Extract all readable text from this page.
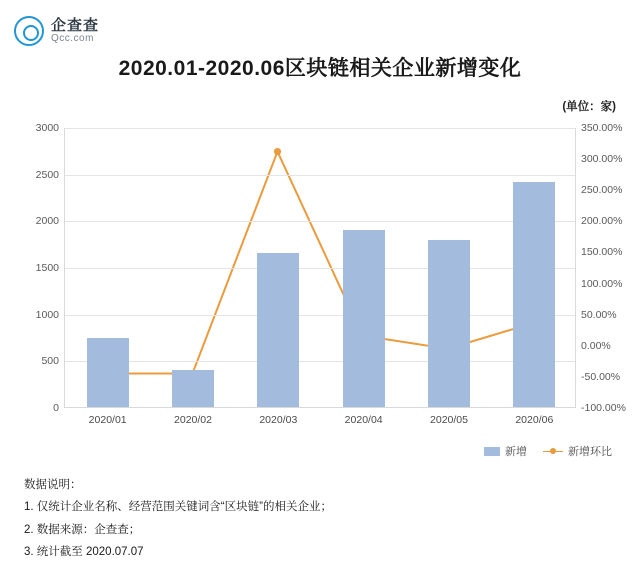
企查查
Qcc.com
2020.01-2020.06区块链相关企业新增变化
(单位：家)
0
500
1000
1500
2000
2500
3000
-100.00%
-50.00%
0.00%
50.00%
100.00%
150.00%
200.00%
250.00%
300.00%
350.00%
2020/01	2020/02	2020/03	2020/04	2020/05	2020/06
新增	新增环比
数据说明：
1. 仅统计企业名称、经营范围关键词含“区块链”的相关企业；
2. 数据来源：企查查；
3. 统计截至 2020.07.07
